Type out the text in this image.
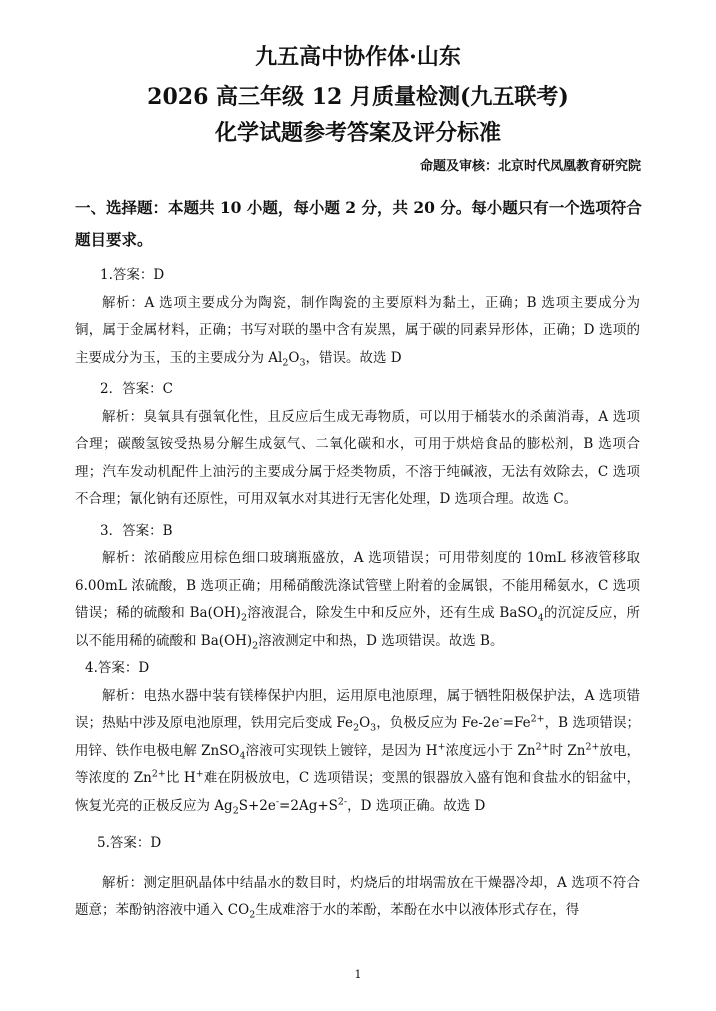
九五高中协作体·山东
2026 高三年级 12 月质量检测(九五联考)
化学试题参考答案及评分标准
命题及审核：北京时代凤凰教育研究院
一、选择题：本题共 10 小题，每小题 2 分，共 20 分。每小题只有一个选项符合题目要求。
1.答案：D
解析：A 选项主要成分为陶瓷，制作陶瓷的主要原料为黏土，正确；B 选项主要成分为铜，属于金属材料，正确；书写对联的墨中含有炭黑，属于碳的同素异形体，正确；D 选项的主要成分为玉，玉的主要成分为 $Al_2O_3$，错误。故选 D
2．答案：C
解析：臭氧具有强氧化性，且反应后生成无毒物质，可以用于桶装水的杀菌消毒，A 选项合理；碳酸氢铵受热易分解生成氨气、二氧化碳和水，可用于烘焙食品的膨松剂，B 选项合理；汽车发动机配件上油污的主要成分属于烃类物质，不溶于纯碱液，无法有效除去，C 选项不合理；氰化钠有还原性，可用双氧水对其进行无害化处理，D 选项合理。故选 C。
3．答案：B
解析：浓硝酸应用棕色细口玻璃瓶盛放，A 选项错误；可用带刻度的 10mL 移液管移取 6.00mL 浓硫酸，B 选项正确；用稀硝酸洗涤试管壁上附着的金属银，不能用稀氨水，C 选项错误；稀的硫酸和 $Ba(OH)_2$溶液混合，除发生中和反应外，还有生成 BaSO$_4$的沉淀反应，所以不能用稀的硫酸和 $Ba(OH)_2$溶液测定中和热，D 选项错误。故选 B。
4.答案：D
解析：电热水器中装有镁棒保护内胆，运用原电池原理，属于牺牲阳极保护法，A 选项错误；热贴中涉及原电池原理，铁用完后变成 $Fe_2O_3$，负极反应为 $Fe-2e^-=Fe^{2+}$，B 选项错误；用锌、铁作电极电解 ZnSO$_4$溶液可实现铁上镀锌，是因为 H+浓度远小于 $Zn^{2+}$时 $Zn^{2+}$放电，等浓度的 $Zn^{2+}$比 H+难在阴极放电，C 选项错误；变黑的银器放入盛有饱和食盐水的铝盆中，恢复光亮的正极反应为 $Ag_2S+2e^-=2Ag+S^{2-}$，D 选项正确。故选 D
5.答案：D
解析：测定胆矾晶体中结晶水的数目时，灼烧后的坩埚需放在干燥器冷却，A 选项不符合题意；苯酚钠溶液中通入 $CO_2$生成难溶于水的苯酚，苯酚在水中以液体形式存在，得
1
